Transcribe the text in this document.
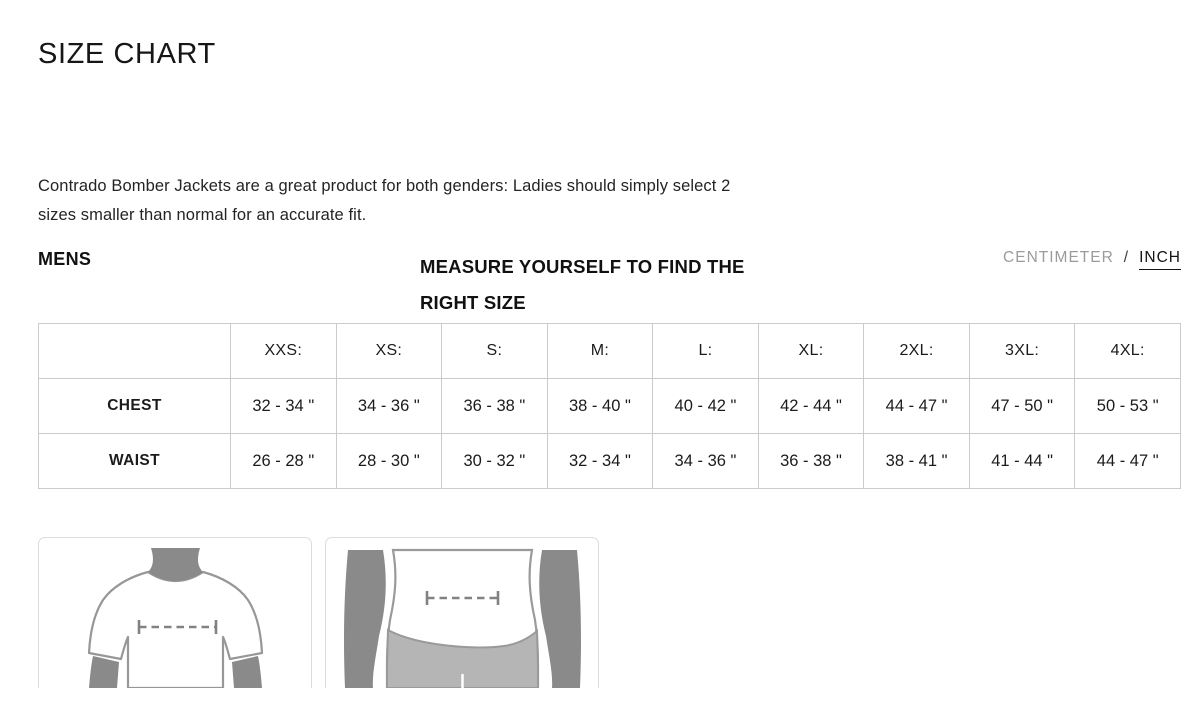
SIZE CHART
Contrado Bomber Jackets are a great product for both genders: Ladies should simply select 2
sizes smaller than normal for an accurate fit.
MENS	MEASURE YOURSELF TO FIND THE
RIGHT SIZE
CENTIMETER / INCH
	XXS:	XS:	S:	M:	L:	XL:	2XL:	3XL:	4XL:
CHEST	32 - 34 "	34 - 36 "	36 - 38 "	38 - 40 "	40 - 42 "	42 - 44 "	44 - 47 "	47 - 50 "	50 - 53 "
WAIST	26 - 28 "	28 - 30 "	30 - 32 "	32 - 34 "	34 - 36 "	36 - 38 "	38 - 41 "	41 - 44 "	44 - 47 "
